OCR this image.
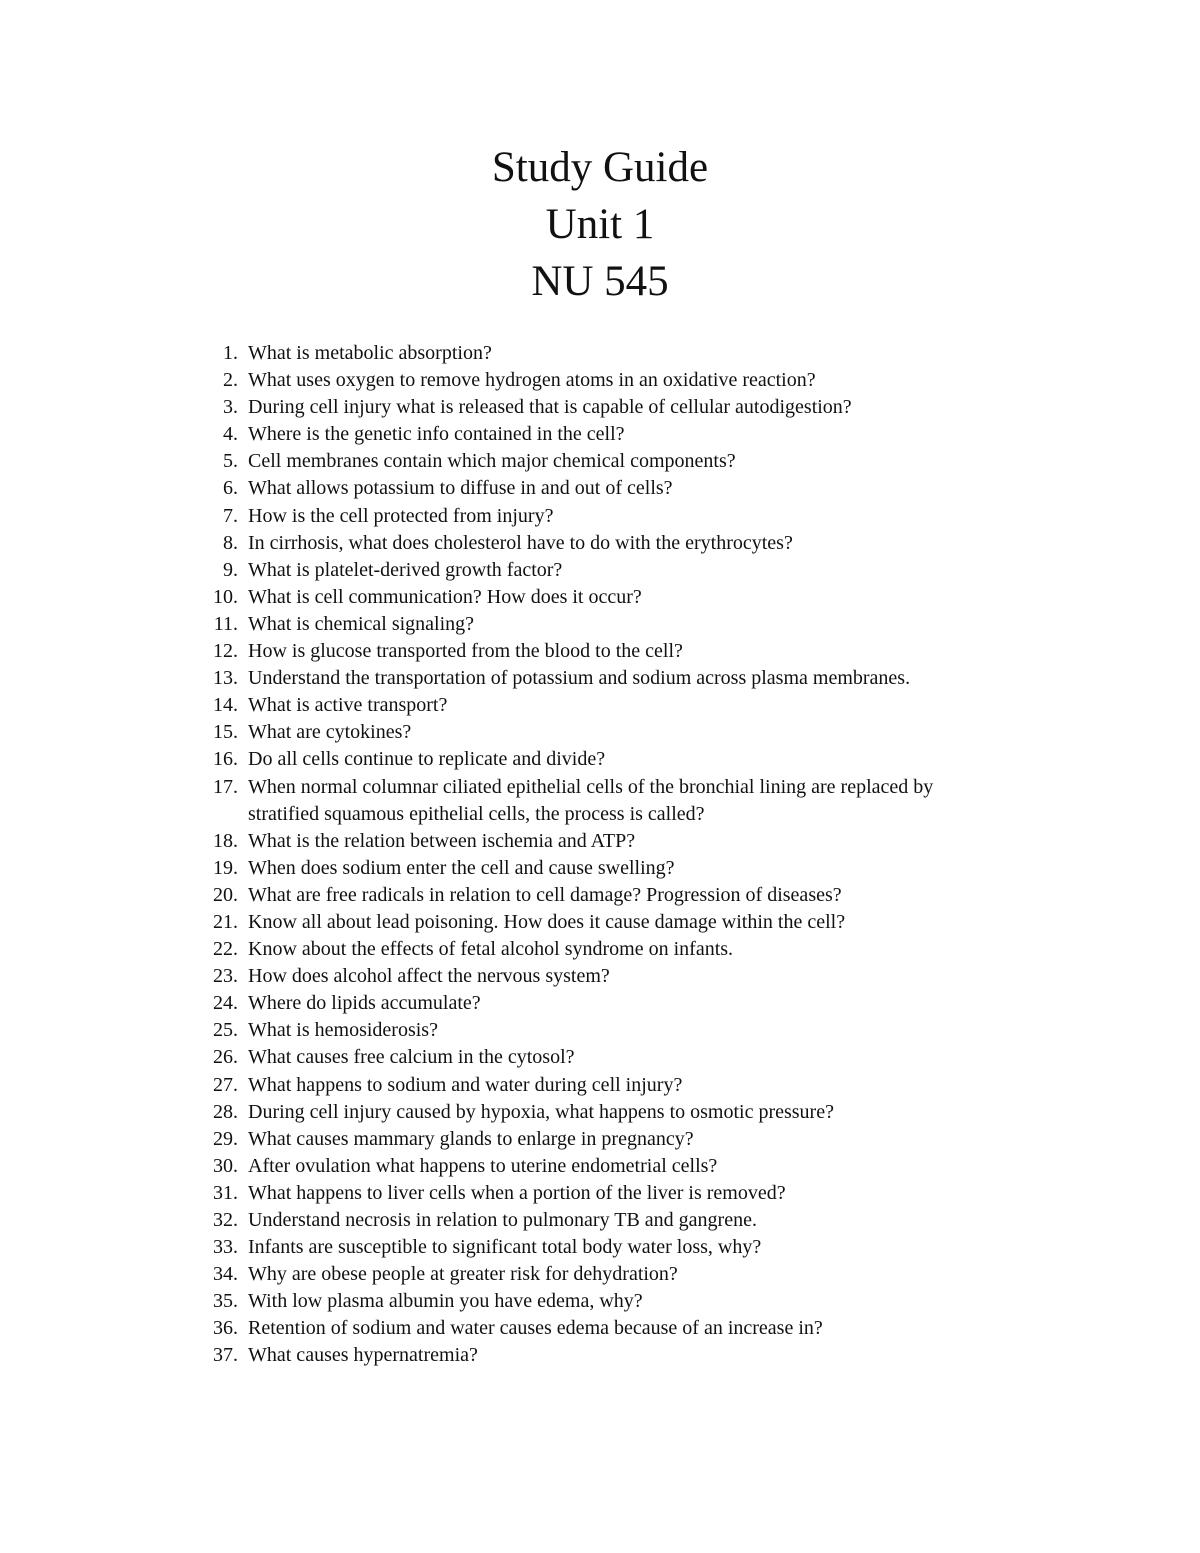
Study Guide
Unit 1
NU 545
1. What is metabolic absorption?
2. What uses oxygen to remove hydrogen atoms in an oxidative reaction?
3. During cell injury what is released that is capable of cellular autodigestion?
4. Where is the genetic info contained in the cell?
5. Cell membranes contain which major chemical components?
6. What allows potassium to diffuse in and out of cells?
7. How is the cell protected from injury?
8. In cirrhosis, what does cholesterol have to do with the erythrocytes?
9. What is platelet-derived growth factor?
10. What is cell communication? How does it occur?
11. What is chemical signaling?
12. How is glucose transported from the blood to the cell?
13. Understand the transportation of potassium and sodium across plasma membranes.
14. What is active transport?
15. What are cytokines?
16. Do all cells continue to replicate and divide?
17. When normal columnar ciliated epithelial cells of the bronchial lining are replaced by stratified squamous epithelial cells, the process is called?
18. What is the relation between ischemia and ATP?
19. When does sodium enter the cell and cause swelling?
20. What are free radicals in relation to cell damage? Progression of diseases?
21. Know all about lead poisoning. How does it cause damage within the cell?
22. Know about the effects of fetal alcohol syndrome on infants.
23. How does alcohol affect the nervous system?
24. Where do lipids accumulate?
25. What is hemosiderosis?
26. What causes free calcium in the cytosol?
27. What happens to sodium and water during cell injury?
28. During cell injury caused by hypoxia, what happens to osmotic pressure?
29. What causes mammary glands to enlarge in pregnancy?
30. After ovulation what happens to uterine endometrial cells?
31. What happens to liver cells when a portion of the liver is removed?
32. Understand necrosis in relation to pulmonary TB and gangrene.
33. Infants are susceptible to significant total body water loss, why?
34. Why are obese people at greater risk for dehydration?
35. With low plasma albumin you have edema, why?
36. Retention of sodium and water causes edema because of an increase in?
37. What causes hypernatremia?
